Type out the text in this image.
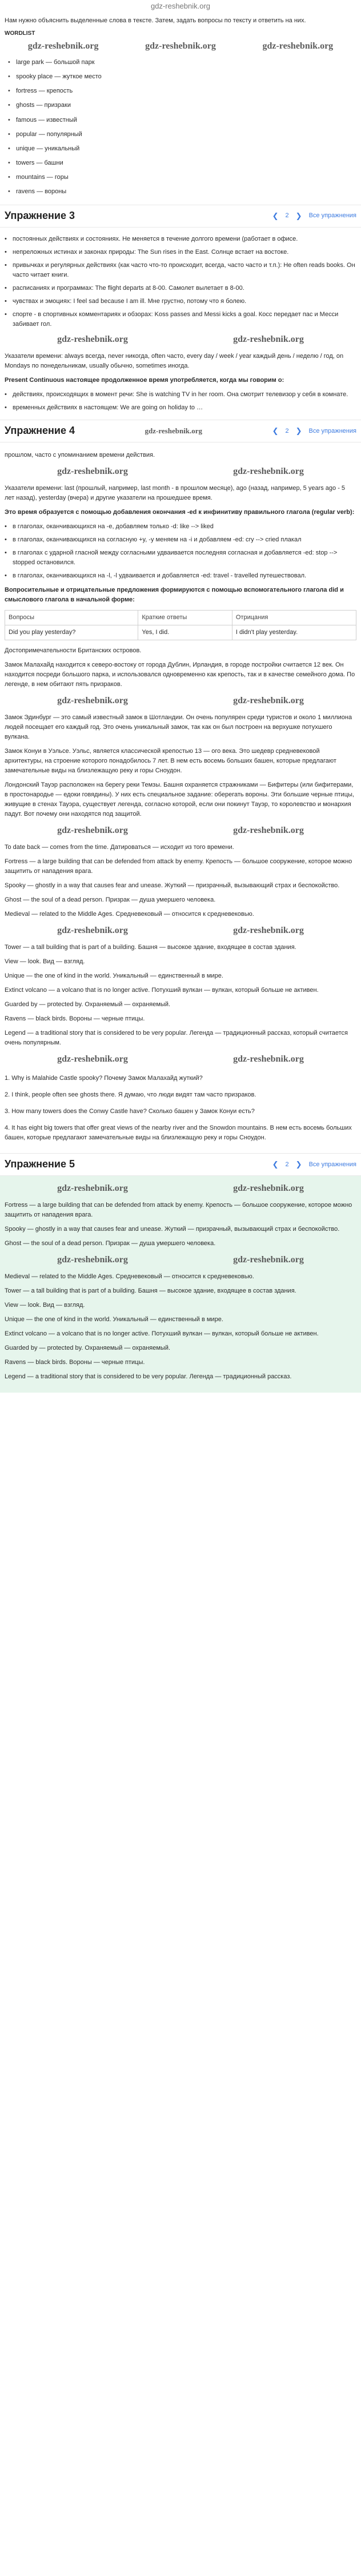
gdz-reshebnik.org

Нам нужно объяснить выделенные слова в тексте. Затем, задать вопросы по тексту и ответить на них.

WORDLIST
gdz-reshebnik.org	gdz-reshebnik.org	gdz-reshebnik.org
• large park — большой парк
• spooky place — жуткое место
• fortress — крепость
• ghosts — призраки
• famous — известный
• popular — популярный
• unique — уникальный
• towers — башни
• mountains — горы
• ravens — вороны
Упражнение 3 ❮	2 ❯	Все упражнения
• постоянных действиях и состояниях. Не меняется в течение долгого времени (работает в офисе.
• непреложных истинах и законах природы: The Sun rises in the East. Солнце встает на востоке.
• привычках и регулярных действиях (как часто что-то происходит, всегда, часто часто и т.п.): He often reads books. Он часто читает книги.
• расписаниях и программах: The flight departs at 8-00. Самолет вылетает в 8-00.
• чувствах и эмоциях: I feel sad because I am ill. Мне грустно, потому что я болею.
• спорте - в спортивных комментариях и обзорах: Koss passes and Messi kicks a goal. Косс передает пас и Месси забивает гол.
gdz-reshebnik.org	gdz-reshebnik.org

Указатели времени: always всегда, never никогда, often часто, every day / week / year каждый день / неделю / год, on Mondays по понедельникам, usually обычно, sometimes иногда.

Present Continuous настоящее продолженное время употребляется, когда мы говорим о:

• действиях, происходящих в момент речи: She is watching TV in her room. Она смотрит телевизор у себя в комнате.
• временных действиях в настоящем: We are going on holiday to …
Упражнение 4	gdz-reshebnik.org ❮	2 ❯	Все упражнения

прошлом, часто с упоминанием времени действия.

gdz-reshebnik.org	gdz-reshebnik.org

Указатели времени: last (прошлый, например, last month - в прошлом месяце), ago (назад, например, 5 years ago - 5 лет назад), yesterday (вчера) и другие указатели на прошедшее время.

Это время образуется с помощью добавления окончания -ed к инфинитиву правильного глагола (regular verb):

• в глаголах, оканчивающихся на -e, добавляем только -d: like --> liked
• в глаголах, оканчивающихся на согласную +y, -у меняем на -i и добавляем -ed: cry --> cried плакал
• в глаголах с ударной гласной между согласными удваивается последняя согласная и добавляется -ed: stop --> stopped остановился.
• в глаголах, оканчивающихся на -l, -l удваивается и добавляется -ed: travel - travelled путешествовал.

Вопросительные и отрицательные предложения формируются с помощью вспомогательного глагола did и смыслового глагола в начальной форме:

Вопросы	Краткие ответы	Отрицания
Did you play yesterday?	Yes, I did.	I didn't play yesterday.

Достопримечательности Британских островов.

Замок Малахайд находится к северо-востоку от города Дублин, Ирландия, в городе постройки считается 12 век. Он находится посреди большого парка, и использовался одновременно как крепость, так и в качестве семейного дома. По легенде, в нем обитают пять призраков.

gdz-reshebnik.org	gdz-reshebnik.org

Замок Эдинбург — это самый известный замок в Шотландии. Он очень популярен среди туристов и около 1 миллиона людей посещает его каждый год. Это очень уникальный замок, так как он был построен на верхушке потухшего вулкана.

Замок Конуи в Уэльсе. Уэльс, является классической крепостью 13 — ого века. Это шедевр средневековой архитектуры, на строение которого понадобилось 7 лет. В нем есть восемь больших башен, которые предлагают замечательные виды на близлежащую реку и горы Сноудон.

Лондонский Тауэр расположен на берегу реки Темзы. Башня охраняется стражниками — Бифитеры (или бифитерами, в простонародье — едоки говядины). У них есть специальное задание: оберегать вороны. Эти большие черные птицы, живущие в стенах Тауэра, существует легенда, согласно которой, если они покинут Тауэр, то королевство и монархия падут. Вот почему они находятся под защитой.

gdz-reshebnik.org	gdz-reshebnik.org

To date back — comes from the time. Датироваться — исходит из того времени.

Fortress — a large building that can be defended from attack by enemy. Крепость — большое сооружение, которое можно защитить от нападения врага.

Spooky — ghostly in a way that causes fear and unease. Жуткий — призрачный, вызывающий страх и беспокойство.

Ghost — the soul of a dead person. Призрак — душа умершего человека.

Medieval — related to the Middle Ages. Средневековый — относится к средневековью.

gdz-reshebnik.org	gdz-reshebnik.org

Tower — a tall building that is part of a building. Башня — высокое здание, входящее в состав здания.

View — look. Вид — взгляд.

Unique — the one of kind in the world. Уникальный — единственный в мире.

Extinct volcano — a volcano that is no longer active. Потухший вулкан — вулкан, который больше не активен.

Guarded by — protected by. Охраняемый — охраняемый.

Ravens — black birds. Вороны — черные птицы.

Legend — a traditional story that is considered to be very popular. Легенда — традиционный рассказ, который считается очень популярным.

gdz-reshebnik.org	gdz-reshebnik.org

1. Why is Malahide Castle spooky? Почему Замок Малахайд жуткий?

2. I think, people often see ghosts there. Я думаю, что люди видят там часто призраков.

3. How many towers does the Conwy Castle have? Сколько башен у Замок Конуи есть?

4. It has eight big towers that offer great views of the nearby river and the Snowdon mountains. В нем есть восемь больших башен, которые предлагают замечательные виды на близлежащую реку и горы Сноудон.

Упражнение 5 ❮	2 ❯	Все упражнения
gdz-reshebnik.org	gdz-reshebnik.org

Fortress — a large building that can be defended from attack by enemy. Крепость — большое сооружение, которое можно защитить от нападения врага.

Spooky — ghostly in a way that causes fear and unease. Жуткий — призрачный, вызывающий страх и беспокойство.

Ghost — the soul of a dead person. Призрак — душа умершего человека.

gdz-reshebnik.org	gdz-reshebnik.org

Medieval — related to the Middle Ages. Средневековый — относится к средневековью.

Tower — a tall building that is part of a building. Башня — высокое здание, входящее в состав здания.

View — look. Вид — взгляд.

Unique — the one of kind in the world. Уникальный — единственный в мире.

Extinct volcano — a volcano that is no longer active. Потухший вулкан — вулкан, который больше не активен.

Guarded by — protected by. Охраняемый — охраняемый.

Ravens — black birds. Вороны — черные птицы.

Legend — a traditional story that is considered to be very popular. Легенда — традиционный рассказ.
